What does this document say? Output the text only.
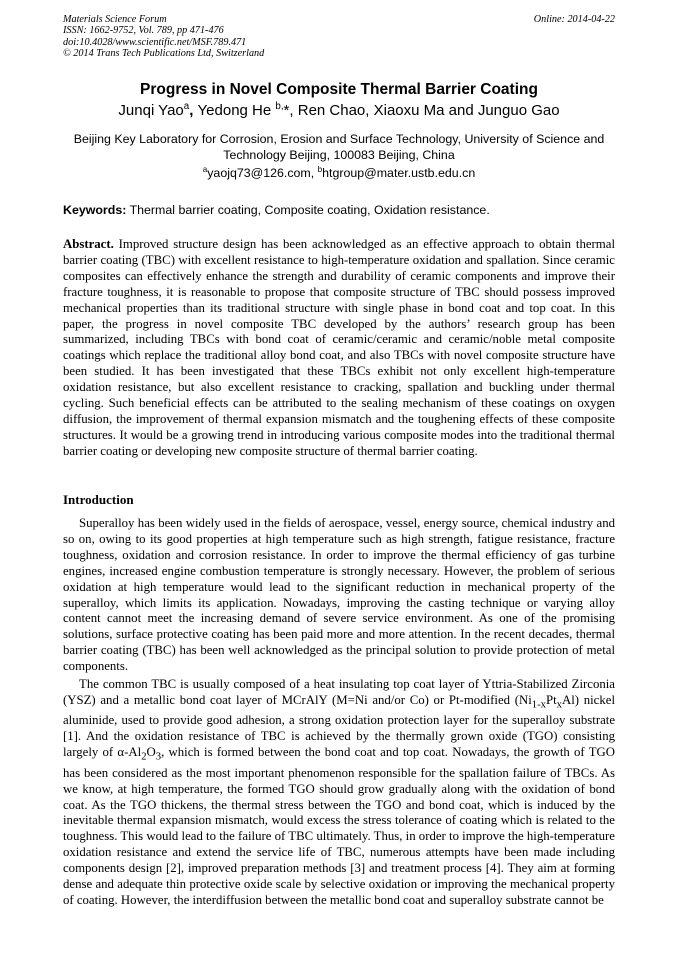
Materials Science Forum
ISSN: 1662-9752, Vol. 789, pp 471-476
doi:10.4028/www.scientific.net/MSF.789.471
© 2014 Trans Tech Publications Ltd, Switzerland
Online: 2014-04-22
Progress in Novel Composite Thermal Barrier Coating
Junqi Yao$^a$, Yedong He $^{b,}$*, Ren Chao, Xiaoxu Ma and Junguo Gao
Beijing Key Laboratory for Corrosion, Erosion and Surface Technology, University of Science and Technology Beijing, 100083 Beijing, China
$^a$yaojq73@126.com, $^b$htgroup@mater.ustb.edu.cn
Keywords: Thermal barrier coating, Composite coating, Oxidation resistance.

Abstract. Improved structure design has been acknowledged as an effective approach to obtain thermal barrier coating (TBC) with excellent resistance to high-temperature oxidation and spallation. Since ceramic composites can effectively enhance the strength and durability of ceramic components and improve their fracture toughness, it is reasonable to propose that composite structure of TBC should possess improved mechanical properties than its traditional structure with single phase in bond coat and top coat. In this paper, the progress in novel composite TBC developed by the authors’ research group has been summarized, including TBCs with bond coat of ceramic/ceramic and ceramic/noble metal composite coatings which replace the traditional alloy bond coat, and also TBCs with novel composite structure have been studied. It has been investigated that these TBCs exhibit not only excellent high-temperature oxidation resistance, but also excellent resistance to cracking, spallation and buckling under thermal cycling. Such beneficial effects can be attributed to the sealing mechanism of these coatings on oxygen diffusion, the improvement of thermal expansion mismatch and the toughening effects of these composite structures. It would be a growing trend in introducing various composite modes into the traditional thermal barrier coating or developing new composite structure of thermal barrier coating.

Introduction

Superalloy has been widely used in the fields of aerospace, vessel, energy source, chemical industry and so on, owing to its good properties at high temperature such as high strength, fatigue resistance, fracture toughness, oxidation and corrosion resistance. In order to improve the thermal efficiency of gas turbine engines, increased engine combustion temperature is strongly necessary. However, the problem of serious oxidation at high temperature would lead to the significant reduction in mechanical property of the superalloy, which limits its application. Nowadays, improving the casting technique or varying alloy content cannot meet the increasing demand of severe service environment. As one of the promising solutions, surface protective coating has been paid more and more attention. In the recent decades, thermal barrier coating (TBC) has been well acknowledged as the principal solution to provide protection of metal components.

The common TBC is usually composed of a heat insulating top coat layer of Yttria-Stabilized Zirconia (YSZ) and a metallic bond coat layer of MCrAlY (M=Ni and/or Co) or Pt-modified $(Ni_{1-x}Pt_xAl)$ nickel aluminide, used to provide good adhesion, a strong oxidation protection layer for the superalloy substrate [1]. And the oxidation resistance of TBC is achieved by the thermally grown oxide (TGO) consisting largely of $\alpha-Al_2O_3$, which is formed between the bond coat and top coat. Nowadays, the growth of TGO has been considered as the most important phenomenon responsible for the spallation failure of TBCs. As we know, at high temperature, the formed TGO should grow gradually along with the oxidation of bond coat. As the TGO thickens, the thermal stress between the TGO and bond coat, which is induced by the inevitable thermal expansion mismatch, would excess the stress tolerance of coating which is related to the toughness. This would lead to the failure of TBC ultimately. Thus, in order to improve the high-temperature oxidation resistance and extend the service life of TBC, numerous attempts have been made including components design [2], improved preparation methods [3] and treatment process [4]. They aim at forming dense and adequate thin protective oxide scale by selective oxidation or improving the mechanical property of coating. However, the interdiffusion between the metallic bond coat and superalloy substrate cannot be
